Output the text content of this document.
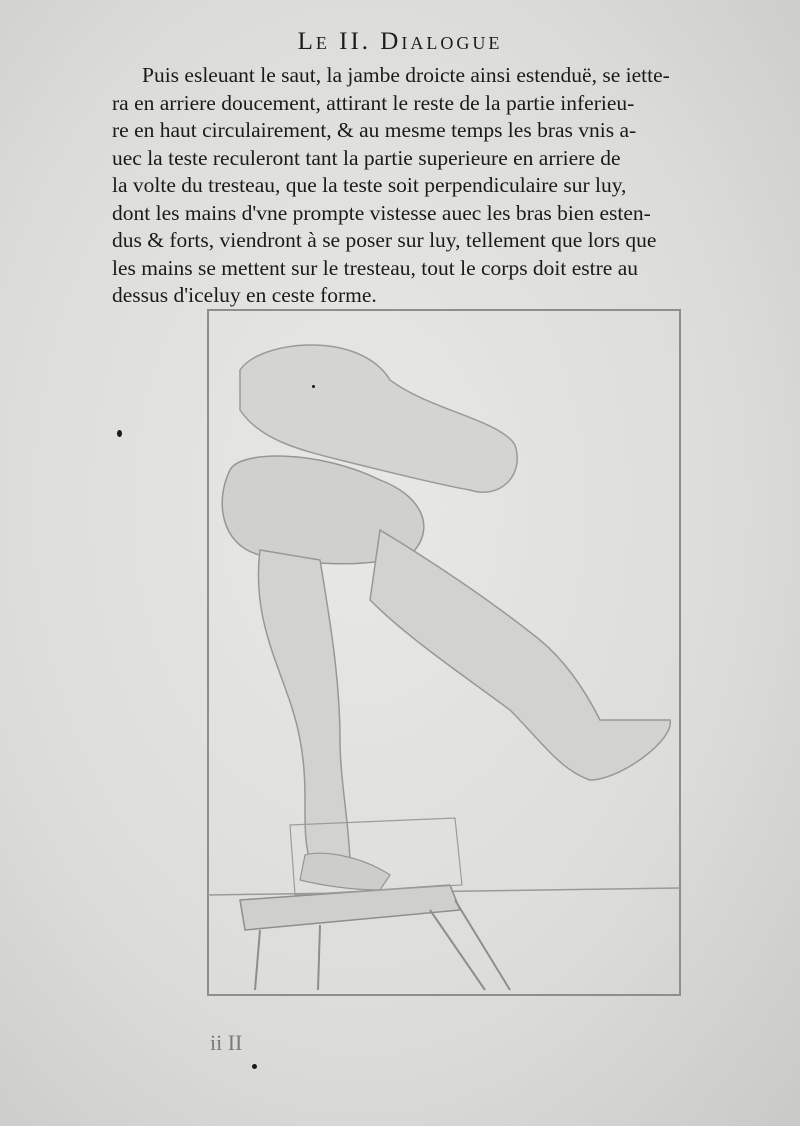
Le II. Dialogue
Puis esleuant le saut, la jambe droicte ainsi estenduë, se iette-
ra en arriere doucement, attirant le reste de la partie inferieu-
re en haut circulairement, & au mesme temps les bras vnis a-
uec la teste reculeront tant la partie superieure en arriere de
la volte du tresteau, que la teste soit perpendiculaire sur luy,
dont les mains d'vne prompte vistesse auec les bras bien esten-
dus & forts, viendront à se poser sur luy, tellement que lors que
les mains se mettent sur le tresteau, tout le corps doit estre au
dessus d'iceluy en ceste forme.
ii II
